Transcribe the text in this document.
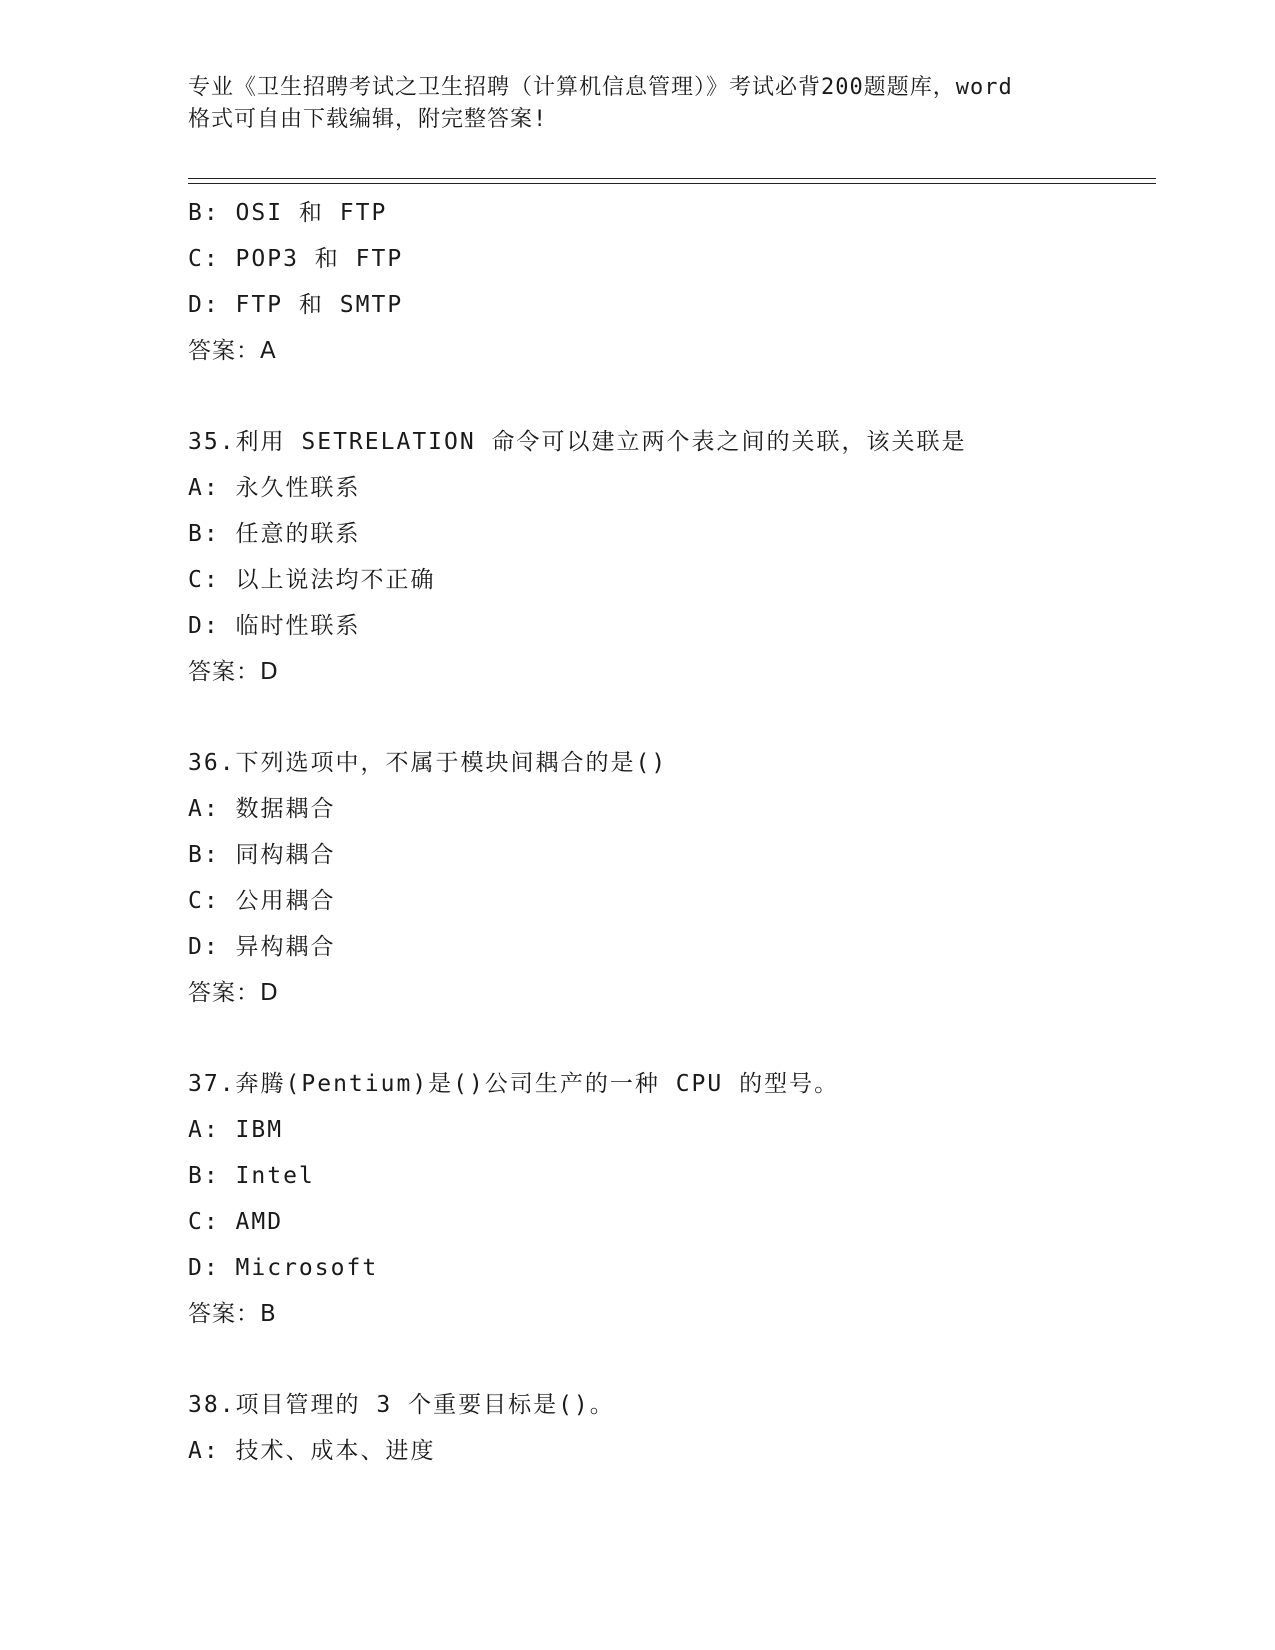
专业《卫生招聘考试之卫生招聘（计算机信息管理）》考试必背200题题库，word
格式可自由下载编辑，附完整答案!
B: OSI 和 FTP
C: POP3 和 FTP
D: FTP 和 SMTP
答案：A
35.利用 SETRELATION 命令可以建立两个表之间的关联，该关联是
A: 永久性联系
B: 任意的联系
C: 以上说法均不正确
D: 临时性联系
答案：D
36.下列选项中，不属于模块间耦合的是()
A: 数据耦合
B: 同构耦合
C: 公用耦合
D: 异构耦合
答案：D
37.奔腾(Pentium)是()公司生产的一种 CPU 的型号。
A: IBM
B: Intel
C: AMD
D: Microsoft
答案：B
38.项目管理的 3 个重要目标是()。
A: 技术、成本、进度
